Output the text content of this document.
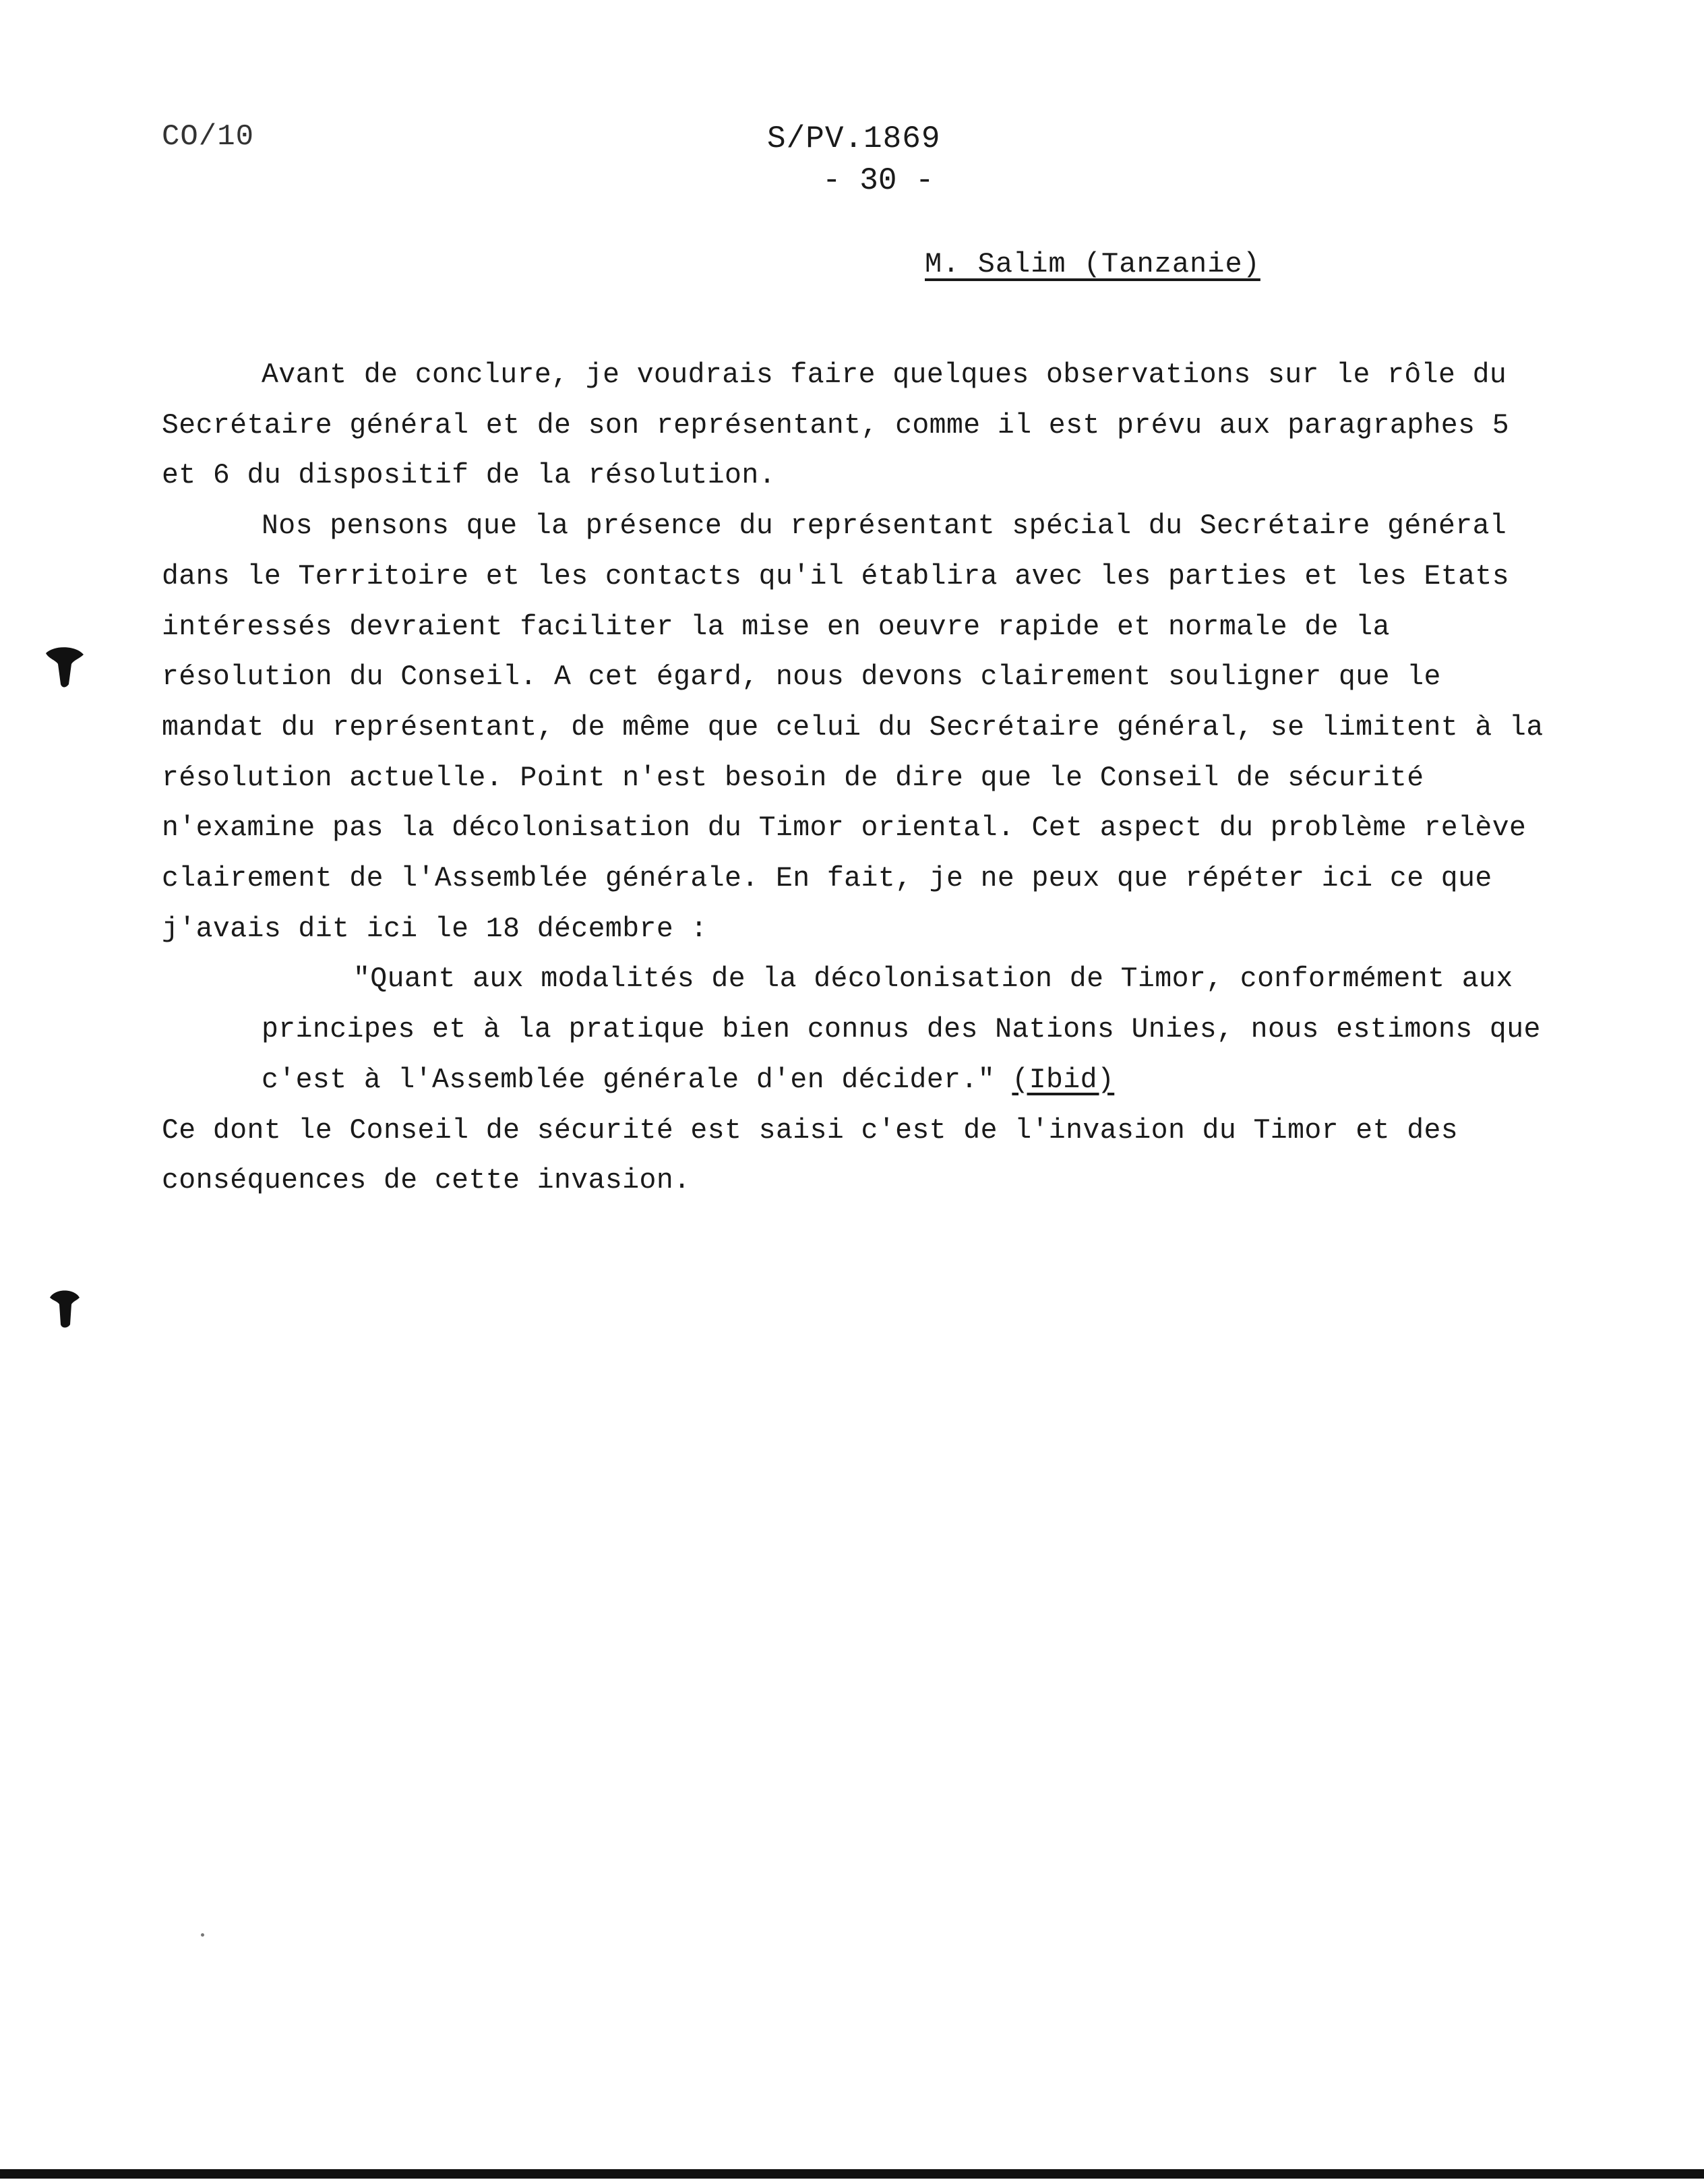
CO/10	S/PV.1869
- 30 -
M. Salim (Tanzanie)

Avant de conclure, je voudrais faire quelques observations sur le rôle du Secrétaire général et de son représentant, comme il est prévu aux paragraphes 5 et 6 du dispositif de la résolution.

Nos pensons que la présence du représentant spécial du Secrétaire général dans le Territoire et les contacts qu'il établira avec les parties et les Etats intéressés devraient faciliter la mise en oeuvre rapide et normale de la résolution du Conseil. A cet égard, nous devons clairement souligner que le mandat du représentant, de même que celui du Secrétaire général, se limitent à la résolution actuelle. Point n'est besoin de dire que le Conseil de sécurité n'examine pas la décolonisation du Timor oriental. Cet aspect du problème relève clairement de l'Assemblée générale. En fait, je ne peux que répéter ici ce que j'avais dit ici le 18 décembre :

"Quant aux modalités de la décolonisation de Timor, conformément aux principes et à la pratique bien connus des Nations Unies, nous estimons que c'est à l'Assemblée générale d'en décider." (Ibid)

Ce dont le Conseil de sécurité est saisi c'est de l'invasion du Timor et des conséquences de cette invasion.
